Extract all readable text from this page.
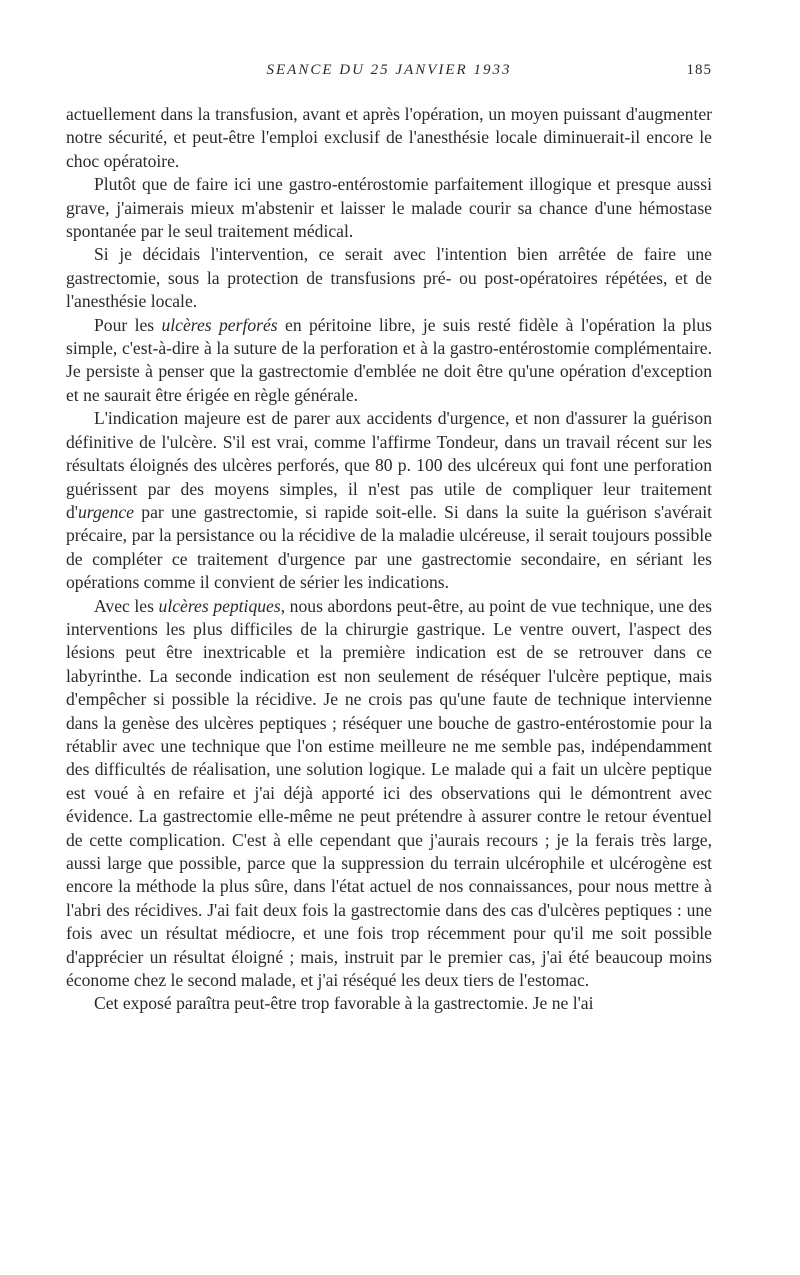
SEANCE DU 25 JANVIER 1933	185

actuellement dans la transfusion, avant et après l'opération, un moyen puissant d'augmenter notre sécurité, et peut-être l'emploi exclusif de l'anesthésie locale diminuerait-il encore le choc opératoire.

Plutôt que de faire ici une gastro-entérostomie parfaitement illogique et presque aussi grave, j'aimerais mieux m'abstenir et laisser le malade courir sa chance d'une hémostase spontanée par le seul traitement médical.

Si je décidais l'intervention, ce serait avec l'intention bien arrêtée de faire une gastrectomie, sous la protection de transfusions pré- ou post-opératoires répétées, et de l'anesthésie locale.

Pour les ulcères perforés en péritoine libre, je suis resté fidèle à l'opération la plus simple, c'est-à-dire à la suture de la perforation et à la gastro-entérostomie complémentaire. Je persiste à penser que la gastrectomie d'emblée ne doit être qu'une opération d'exception et ne saurait être érigée en règle générale.

L'indication majeure est de parer aux accidents d'urgence, et non d'assurer la guérison définitive de l'ulcère. S'il est vrai, comme l'affirme Tondeur, dans un travail récent sur les résultats éloignés des ulcères perforés, que 80 p. 100 des ulcéreux qui font une perforation guérissent par des moyens simples, il n'est pas utile de compliquer leur traitement d'urgence par une gastrectomie, si rapide soit-elle. Si dans la suite la guérison s'avérait précaire, par la persistance ou la récidive de la maladie ulcéreuse, il serait toujours possible de compléter ce traitement d'urgence par une gastrectomie secondaire, en sériant les opérations comme il convient de sérier les indications.

Avec les ulcères peptiques, nous abordons peut-être, au point de vue technique, une des interventions les plus difficiles de la chirurgie gastrique. Le ventre ouvert, l'aspect des lésions peut être inextricable et la première indication est de se retrouver dans ce labyrinthe. La seconde indication est non seulement de réséquer l'ulcère peptique, mais d'empêcher si possible la récidive. Je ne crois pas qu'une faute de technique intervienne dans la genèse des ulcères peptiques ; réséquer une bouche de gastro-entérostomie pour la rétablir avec une technique que l'on estime meilleure ne me semble pas, indépendamment des difficultés de réalisation, une solution logique. Le malade qui a fait un ulcère peptique est voué à en refaire et j'ai déjà apporté ici des observations qui le démontrent avec évidence. La gastrectomie elle-même ne peut prétendre à assurer contre le retour éventuel de cette complication. C'est à elle cependant que j'aurais recours ; je la ferais très large, aussi large que possible, parce que la suppression du terrain ulcérophile et ulcérogène est encore la méthode la plus sûre, dans l'état actuel de nos connaissances, pour nous mettre à l'abri des récidives. J'ai fait deux fois la gastrectomie dans des cas d'ulcères peptiques : une fois avec un résultat médiocre, et une fois trop récemment pour qu'il me soit possible d'apprécier un résultat éloigné ; mais, instruit par le premier cas, j'ai été beaucoup moins économe chez le second malade, et j'ai réséqué les deux tiers de l'estomac.

Cet exposé paraîtra peut-être trop favorable à la gastrectomie. Je ne l'ai
